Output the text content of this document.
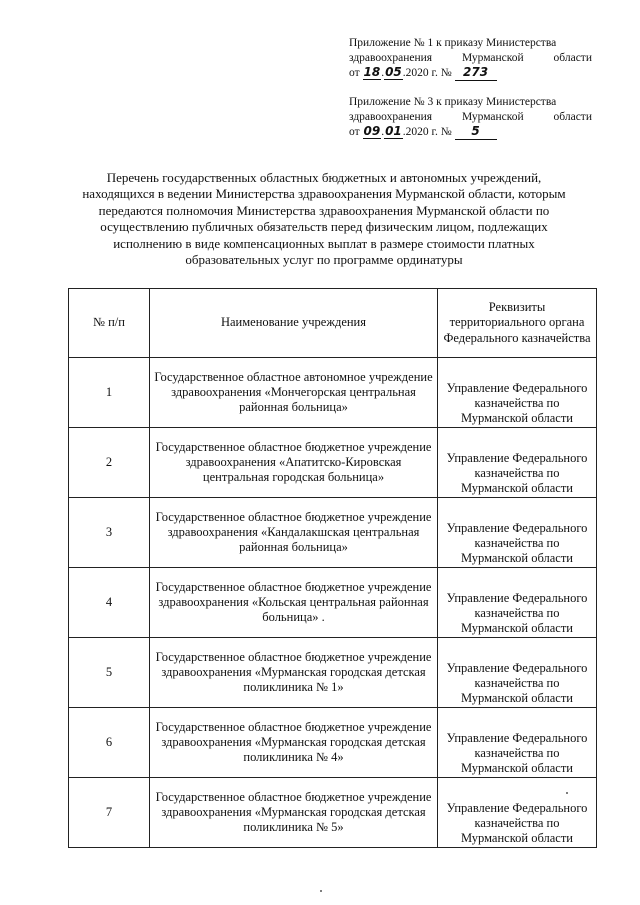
Приложение № 1 к приказу Министерства

здравоохранения	Мурманской	области

от 18.05.2020 г. № 273

Приложение № 3 к приказу Министерства

здравоохранения	Мурманской	области

от 09.01.2020 г. № 5

Перечень государственных областных бюджетных и автономных учреждений, находящихся в ведении Министерства здравоохранения Мурманской области, которым передаются полномочия Министерства здравоохранения Мурманской области по осуществлению публичных обязательств перед физическим лицом, подлежащих исполнению в виде компенсационных выплат в размере стоимости платных образовательных услуг по программе ординатуры
№ п/п	Наименование учреждения	Реквизиты территориального органа Федерального казначейства
1	Государственное областное автономное учреждение здравоохранения «Мончегорская центральная районная больница»	Управление Федерального казначейства по Мурманской области
2	Государственное областное бюджетное учреждение здравоохранения «Апатитско-Кировская центральная городская больница»	Управление Федерального казначейства по Мурманской области
3	Государственное областное бюджетное учреждение здравоохранения «Кандалакшская центральная районная больница»	Управление Федерального казначейства по Мурманской области
4	Государственное областное бюджетное учреждение здравоохранения «Кольская центральная районная больница» .	Управление Федерального казначейства по Мурманской области
5	Государственное областное бюджетное учреждение здравоохранения «Мурманская городская детская поликлиника № 1»	Управление Федерального казначейства по Мурманской области
6	Государственное областное бюджетное учреждение здравоохранения «Мурманская городская детская поликлиника № 4»	Управление Федерального казначейства по Мурманской области
7	Государственное областное бюджетное учреждение здравоохранения «Мурманская городская детская поликлиника № 5»	Управление Федерального казначейства по Мурманской области
